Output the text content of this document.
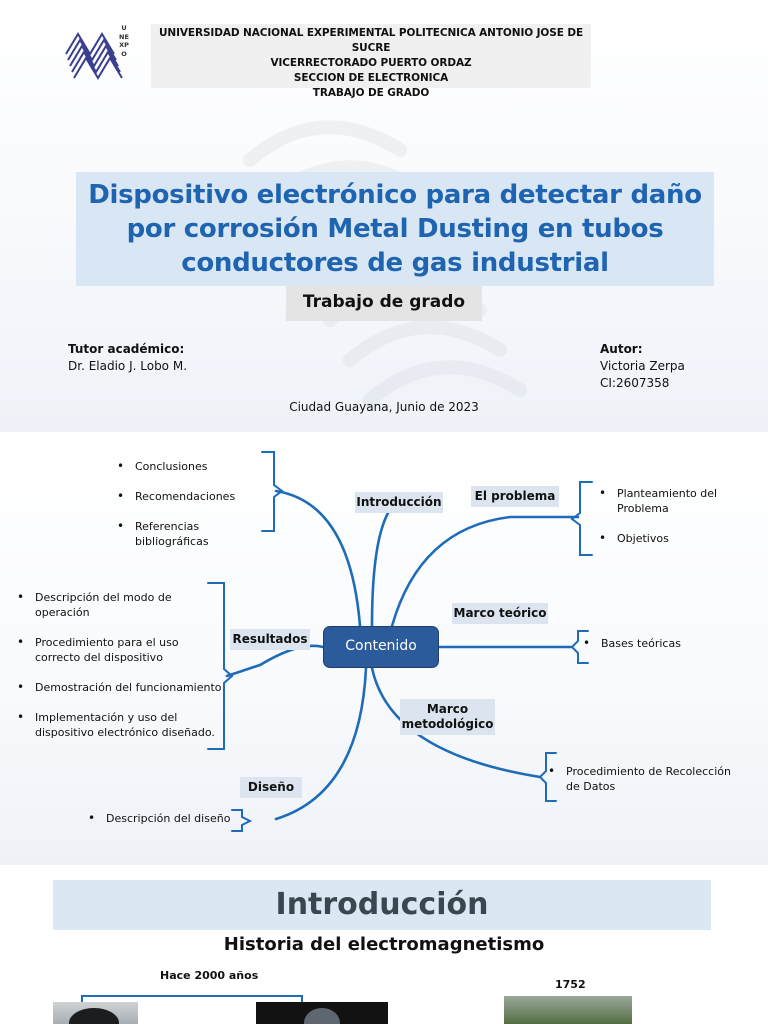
UNEXPO
UNIVERSIDAD NACIONAL EXPERIMENTAL POLITECNICA ANTONIO JOSE DE SUCRE
VICERRECTORADO PUERTO ORDAZ
SECCION DE ELECTRONICA
TRABAJO DE GRADO
Dispositivo electrónico para detectar daño por corrosión Metal Dusting en tubos conductores de gas industrial
Trabajo de grado
Tutor académico:
Dr. Eladio J. Lobo M.
Autor:
Victoria Zerpa
CI:2607358
Ciudad Guayana, Junio de 2023
Contenido
Introducción	El problema
Marco teórico
Marco metodológico
Resultados
Diseño
• Conclusiones
• Recomendaciones
• Referencias bibliográficas
• Planteamiento del Problema
• Objetivos
• Bases teóricas
• Descripción del modo de operación
• Procedimiento para el uso correcto del dispositivo
• Demostración del funcionamiento
• Implementación y uso del dispositivo electrónico diseñado.
• Procedimiento de Recolección de Datos
• Descripción del diseño
Introducción
Historia del electromagnetismo
Hace 2000 años
1752
